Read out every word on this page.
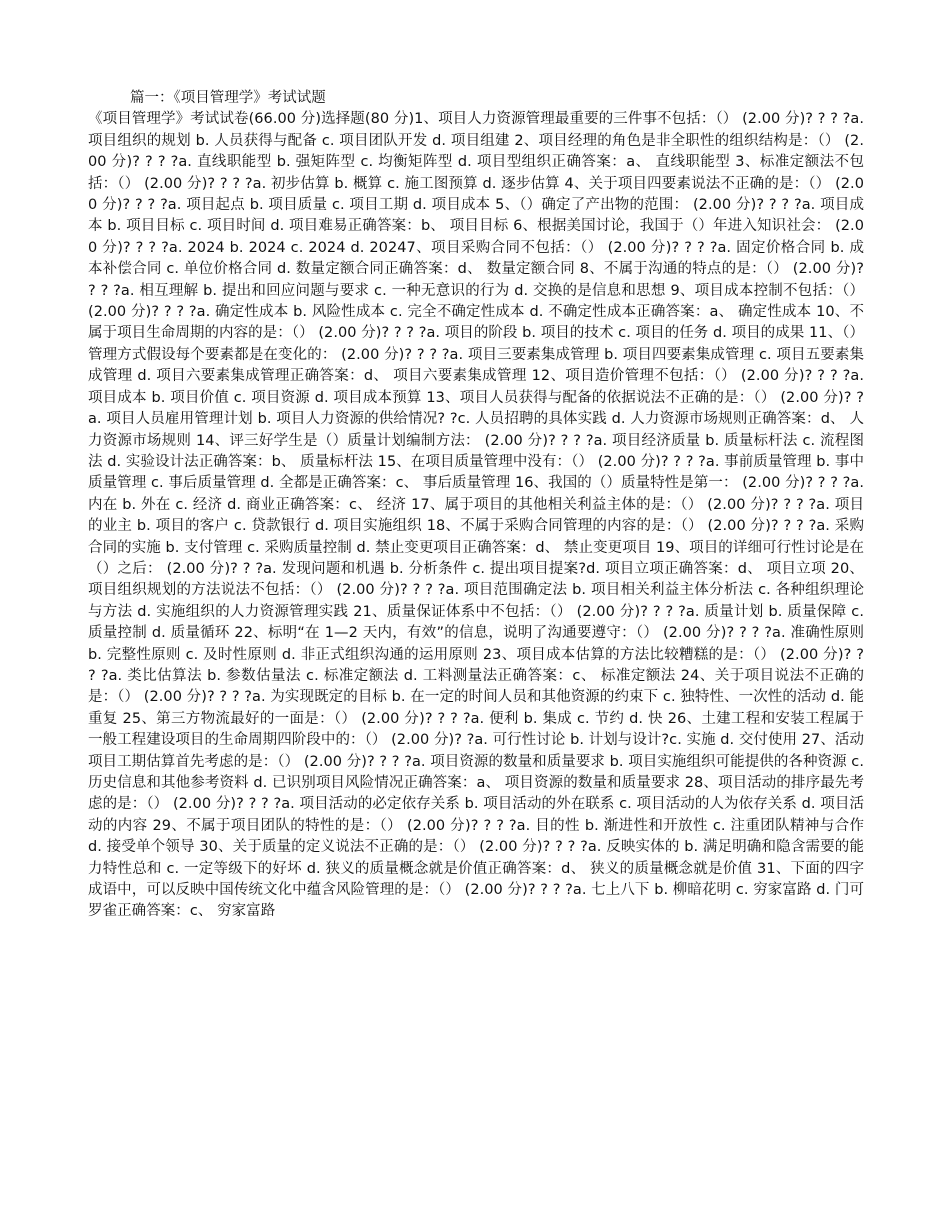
篇一：《项目管理学》考试试题

《项目管理学》考试试卷(66.00 分)选择题(80 分)1、项目人力资源管理最重要的三件事不包括：（） (2.00 分)? ? ? ?a. 项目组织的规划 b. 人员获得与配备 c. 项目团队开发 d. 项目组建 2、项目经理的角色是非全职性的组织结构是：（） (2.00 分)? ? ? ?a. 直线职能型 b. 强矩阵型 c. 均衡矩阵型 d. 项目型组织正确答案：a、 直线职能型 3、标准定额法不包括：（） (2.00 分)? ? ? ?a. 初步估算 b. 概算 c. 施工图预算 d. 逐步估算 4、关于项目四要素说法不正确的是：（） (2.00 分)? ? ? ?a. 项目起点 b. 项目质量 c. 项目工期 d. 项目成本 5、（）确定了产出物的范围： (2.00 分)? ? ? ?a. 项目成本 b. 项目目标 c. 项目时间 d. 项目难易正确答案：b、 项目目标 6、根据美国讨论，我国于（）年进入知识社会： (2.00 分)? ? ? ?a. 2024 b. 2024 c. 2024 d. 20247、项目采购合同不包括：（） (2.00 分)? ? ? ?a. 固定价格合同 b. 成本补偿合同 c. 单位价格合同 d. 数量定额合同正确答案：d、 数量定额合同 8、不属于沟通的特点的是：（） (2.00 分)? ? ? ?a. 相互理解 b. 提出和回应问题与要求 c. 一种无意识的行为 d. 交换的是信息和思想 9、项目成本控制不包括：（） (2.00 分)? ? ? ?a. 确定性成本 b. 风险性成本 c. 完全不确定性成本 d. 不确定性成本正确答案：a、 确定性成本 10、不属于项目生命周期的内容的是：（） (2.00 分)? ? ? ?a. 项目的阶段 b. 项目的技术 c. 项目的任务 d. 项目的成果 11、（）管理方式假设每个要素都是在变化的： (2.00 分)? ? ? ?a. 项目三要素集成管理 b. 项目四要素集成管理 c. 项目五要素集成管理 d. 项目六要素集成管理正确答案：d、 项目六要素集成管理 12、项目造价管理不包括：（） (2.00 分)? ? ? ?a. 项目成本 b. 项目价值 c. 项目资源 d. 项目成本预算 13、项目人员获得与配备的依据说法不正确的是：（） (2.00 分)? ?a. 项目人员雇用管理计划 b. 项目人力资源的供给情况? ?c. 人员招聘的具体实践 d. 人力资源市场规则正确答案：d、 人力资源市场规则 14、评三好学生是（）质量计划编制方法： (2.00 分)? ? ? ?a. 项目经济质量 b. 质量标杆法 c. 流程图法 d. 实验设计法正确答案：b、 质量标杆法 15、在项目质量管理中没有：（） (2.00 分)? ? ? ?a. 事前质量管理 b. 事中质量管理 c. 事后质量管理 d. 全都是正确答案：c、 事后质量管理 16、我国的（）质量特性是第一： (2.00 分)? ? ? ?a. 内在 b. 外在 c. 经济 d. 商业正确答案：c、 经济 17、属于项目的其他相关利益主体的是：（） (2.00 分)? ? ? ?a. 项目的业主 b. 项目的客户 c. 贷款银行 d. 项目实施组织 18、不属于采购合同管理的内容的是：（） (2.00 分)? ? ? ?a. 采购合同的实施 b. 支付管理 c. 采购质量控制 d. 禁止变更项目正确答案：d、 禁止变更项目 19、项目的详细可行性讨论是在（）之后： (2.00 分)? ? ?a. 发现问题和机遇 b. 分析条件 c. 提出项目提案?d. 项目立项正确答案：d、 项目立项 20、项目组织规划的方法说法不包括：（） (2.00 分)? ? ? ?a. 项目范围确定法 b. 项目相关利益主体分析法 c. 各种组织理论与方法 d. 实施组织的人力资源管理实践 21、质量保证体系中不包括：（） (2.00 分)? ? ? ?a. 质量计划 b. 质量保障 c. 质量控制 d. 质量循环 22、标明“在 1—2 天内，有效”的信息，说明了沟通要遵守：（） (2.00 分)? ? ? ?a. 准确性原则 b. 完整性原则 c. 及时性原则 d. 非正式组织沟通的运用原则 23、项目成本估算的方法比较糟糕的是：（） (2.00 分)? ? ? ?a. 类比估算法 b. 参数估量法 c. 标准定额法 d. 工料测量法正确答案：c、 标准定额法 24、关于项目说法不正确的是：（） (2.00 分)? ? ? ?a. 为实现既定的目标 b. 在一定的时间人员和其他资源的约束下 c. 独特性、一次性的活动 d. 能重复 25、第三方物流最好的一面是：（） (2.00 分)? ? ? ?a. 便利 b. 集成 c. 节约 d. 快 26、土建工程和安装工程属于一般工程建设项目的生命周期四阶段中的：（） (2.00 分)? ?a. 可行性讨论 b. 计划与设计?c. 实施 d. 交付使用 27、活动项目工期估算首先考虑的是：（） (2.00 分)? ? ? ?a. 项目资源的数量和质量要求 b. 项目实施组织可能提供的各种资源 c. 历史信息和其他参考资料 d. 已识别项目风险情况正确答案：a、 项目资源的数量和质量要求 28、项目活动的排序最先考虑的是：（） (2.00 分)? ? ? ?a. 项目活动的必定依存关系 b. 项目活动的外在联系 c. 项目活动的人为依存关系 d. 项目活动的内容 29、不属于项目团队的特性的是：（） (2.00 分)? ? ? ?a. 目的性 b. 渐进性和开放性 c. 注重团队精神与合作 d. 接受单个领导 30、关于质量的定义说法不正确的是：（） (2.00 分)? ? ? ?a. 反映实体的 b. 满足明确和隐含需要的能力特性总和 c. 一定等级下的好坏 d. 狭义的质量概念就是价值正确答案：d、 狭义的质量概念就是价值 31、下面的四字成语中，可以反映中国传统文化中蕴含风险管理的是：（） (2.00 分)? ? ? ?a. 七上八下 b. 柳暗花明 c. 穷家富路 d. 门可罗雀正确答案：c、 穷家富路
